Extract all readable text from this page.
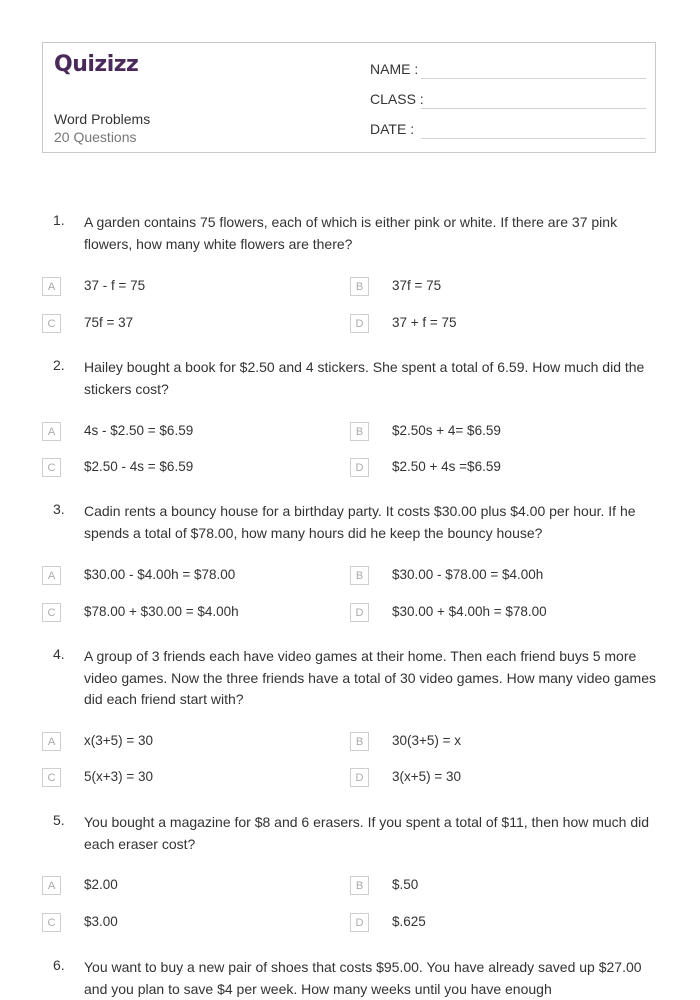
Quizizz
Word Problems
20 Questions
NAME :
CLASS :
DATE :
1. A garden contains 75 flowers, each of which is either pink or white. If there are 37 pink flowers, how many white flowers are there?
A	37 - f = 75	B	37f = 75
C	75f = 37	D	37 + f = 75
2. Hailey bought a book for $2.50 and 4 stickers. She spent a total of 6.59. How much did the stickers cost?
A	4s - $2.50 = $6.59	B	$2.50s + 4= $6.59
C	$2.50 - 4s = $6.59	D	$2.50 + 4s =$6.59
3. Cadin rents a bouncy house for a birthday party. It costs $30.00 plus $4.00 per hour. If he spends a total of $78.00, how many hours did he keep the bouncy house?
A	$30.00 - $4.00h = $78.00	B	$30.00 - $78.00 = $4.00h
C	$78.00 + $30.00 = $4.00h	D	$30.00 + $4.00h = $78.00
4. A group of 3 friends each have video games at their home. Then each friend buys 5 more video games. Now the three friends have a total of 30 video games. How many video games did each friend start with?
A	x(3+5) = 30	B	30(3+5) = x
C	5(x+3) = 30	D	3(x+5) = 30
5. You bought a magazine for $8 and 6 erasers. If you spent a total of $11, then how much did each eraser cost?
A	$2.00	B	$.50
C	$3.00	D	$.625
6. You want to buy a new pair of shoes that costs $95.00. You have already saved up $27.00 and you plan to save $4 per week. How many weeks until you have enough
